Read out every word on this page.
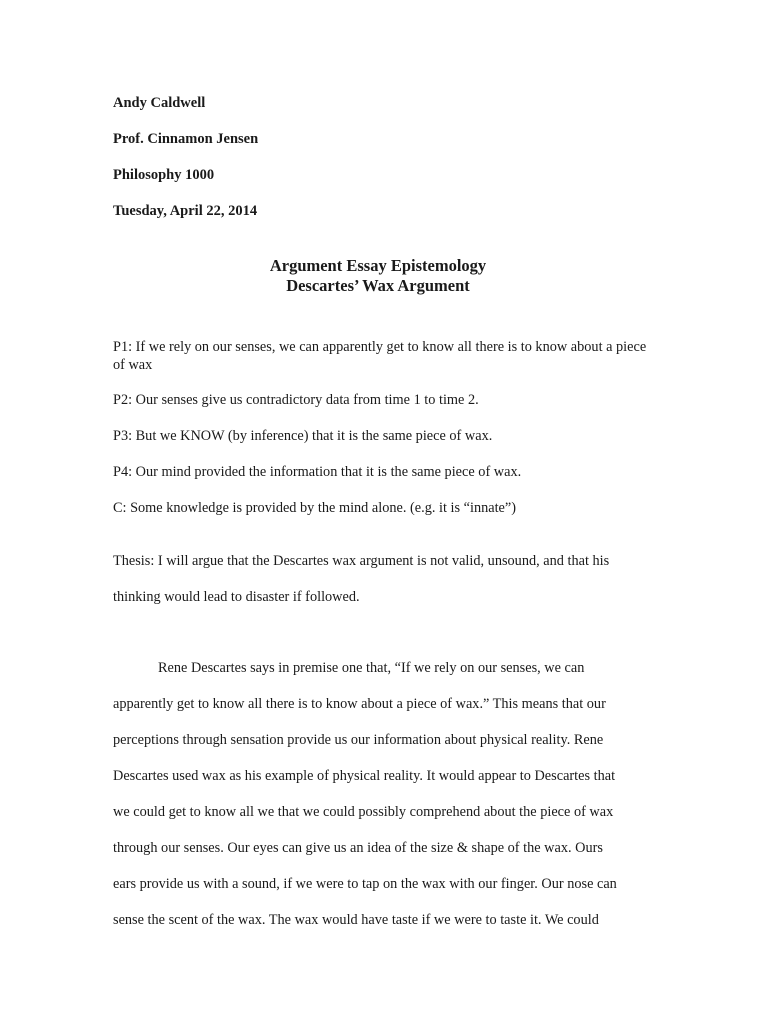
Andy Caldwell
Prof. Cinnamon Jensen
Philosophy 1000
Tuesday, April 22, 2014
Argument Essay Epistemology
Descartes’ Wax Argument
P1: If we rely on our senses, we can apparently get to know all there is to know about a piece of wax
P2: Our senses give us contradictory data from time 1 to time 2.
P3: But we KNOW (by inference) that it is the same piece of wax.
P4: Our mind provided the information that it is the same piece of wax.
C: Some knowledge is provided by the mind alone. (e.g. it is “innate”)
Thesis: I will argue that the Descartes wax argument is not valid, unsound, and that his
thinking would lead to disaster if followed.
Rene Descartes says in premise one that, “If we rely on our senses, we can
apparently get to know all there is to know about a piece of wax.” This means that our
perceptions through sensation provide us our information about physical reality. Rene
Descartes used wax as his example of physical reality. It would appear to Descartes that
we could get to know all we that we could possibly comprehend about the piece of wax
through our senses. Our eyes can give us an idea of the size & shape of the wax. Ours
ears provide us with a sound, if we were to tap on the wax with our finger. Our nose can
sense the scent of the wax. The wax would have taste if we were to taste it. We could
